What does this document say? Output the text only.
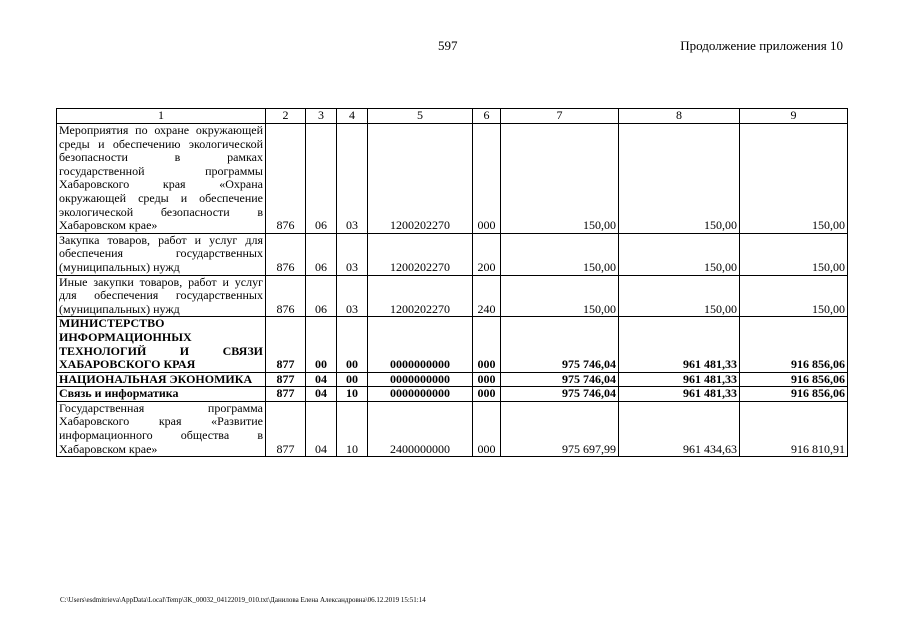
597	Продолжение приложения 10
1	2	3	4	5	6	7	8	9
Мероприятия по охране окружающей среды и обеспечению экологической безопасности в рамках государственной программы Хабаровского края «Охрана окружающей среды и обеспечение экологической безопасности в Хабаровском крае»	876	06	03	1200202270	000	150,00	150,00	150,00
Закупка товаров, работ и услуг для обеспечения государственных (муниципальных) нужд	876	06	03	1200202270	200	150,00	150,00	150,00
Иные закупки товаров, работ и услуг для обеспечения государственных (муниципальных) нужд	876	06	03	1200202270	240	150,00	150,00	150,00
МИНИСТЕРСТВО ИНФОРМАЦИОННЫХ ТЕХНОЛОГИЙ И СВЯЗИ ХАБАРОВСКОГО КРАЯ	877	00	00	0000000000	000	975 746,04	961 481,33	916 856,06
НАЦИОНАЛЬНАЯ ЭКОНОМИКА	877	04	00	0000000000	000	975 746,04	961 481,33	916 856,06
Связь и информатика	877	04	10	0000000000	000	975 746,04	961 481,33	916 856,06
Государственная программа Хабаровского края «Развитие информационного общества в Хабаровском крае»	877	04	10	2400000000	000	975 697,99	961 434,63	916 810,91
C:\Users\esdmitrieva\AppData\Local\Temp\3K_00032_04122019_010.txt\Данилова Елена Александровна\06.12.2019 15:51:14
